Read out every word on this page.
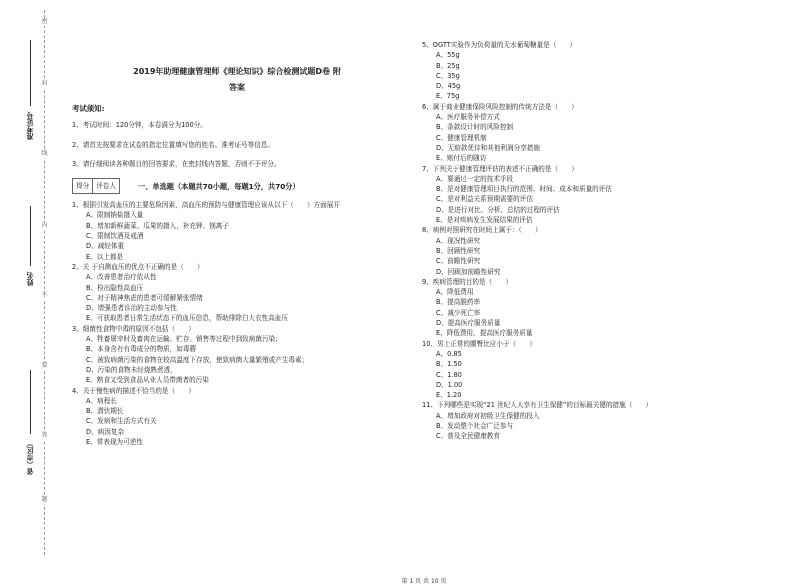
密
封
线
内
不
要
答
题
准考证号
姓名
省（市区）
2019年助理健康管理师《理论知识》综合检测试题D卷 附
答案
考试须知:
1、考试时间：120分钟，本卷满分为100分。
2、请首先按要求在试卷的指定位置填写您的姓名、准考证号等信息。
3、请仔细阅读各种题目的回答要求，在密封线内答题，否则不予评分。
得分	评卷人	一、单选题（本题共70小题，每题1分，共70分）
1、根据引发高血压的主要危险因素，高血压的预防与健康管理应该从以下（　　）方面展开
A、限制钠盐摄入量
B、增加新鲜蔬菜、瓜果的摄入，补充钾、镁离子
C、限制饮酒及戒酒
D、减轻体重
E、以上都是
2、关 于自测血压的优点不正确的是（　　）
A、改善患者治疗依从性
B、检出隐性高血压
C、对于精神焦虑的患者可缓解紧张情绪
D、增强患者诊治的主动参与性
E、可获取患者日常生活状态下的血压信息，帮助排除白大衣性高血压
3、细菌性食物中毒的原因不包括（　　）
A、牲畜屠宰时及畜肉在运输、贮存、销售等过程中到致病菌污染；
B、本身含有有毒成分的物质，如毒蘑
C、被致病菌污染的食物在较高温度下存放，使致病菌大量繁殖或产生毒素；
D、污染的食物未经烧熟煮透，
E、熟食又受到食品从业人员带菌者的污染
4、关于慢性病的描述不恰当的是（　　）
A、病程长
B、潜伏期长
C、发病和生活方式有关
D、病因复杂
E、常表现为可逆性
5、OGTT实验作为负荷量的无水葡萄糖量是（　　）
A、55g
B、25g
C、35g
D、45g
E、75g
6、属于商业健康保险风险控制的传统方法是（　　）
A、医疗服务补偿方式
B、条款设计时的风险控制
C、健康管理机制
D、无赔款优待和其他利润分享措施
E、赔付后的随访
7、下列关于健康管理评估的表述不正确的是（　　）
A、要通过一定的技术手段
B、是对健康管理项目执行的范围、时间、成本和质量的评估
C、是对利益关系预期需要的评估
D、是进行对比、分析、总结的过程的评估
E、是对疾病发生发展结果的评估
8、病例对照研究在时间上属于：（　　）
A、现况性研究
B、回顾性研究
C、前瞻性研究
D、回顾加前瞻性研究
9、疾病管理的目的是（　　）
A、降低费用
B、提高脱药率
C、减少死亡率
D、提高医疗服务质量
E、降低费用，提高医疗服务质量
10、男士正常的腰臀比应小于（　　）
A、0.85
B、1.50
C、1.80
D、1.00
E、1.20
11、下列哪些是实现“21 世纪人人享有卫生保健”的目标最关键的措施（　　）
A、增加政府对初级卫生保健的投入
B、发动整个社会广泛参与
C、普及全民健康教育
第 1 页 共 10 页
